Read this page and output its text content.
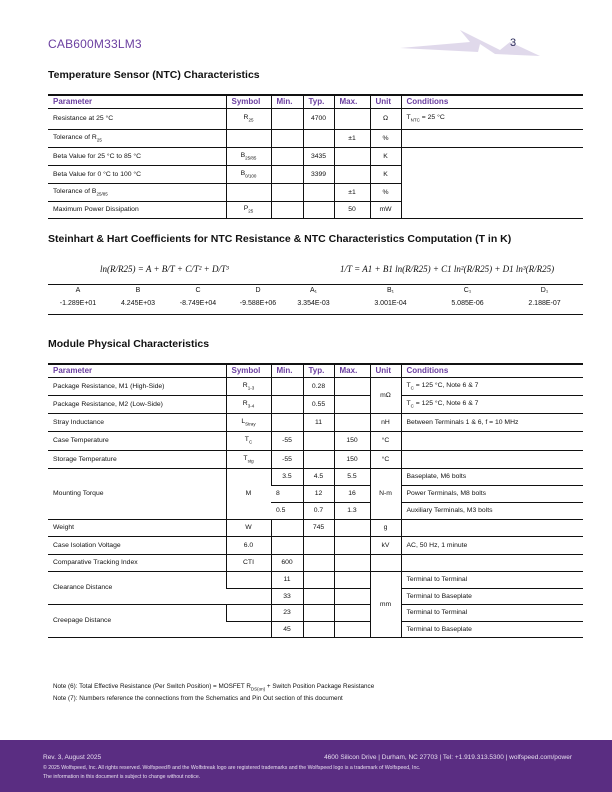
CAB600M33LM3	3
Temperature Sensor (NTC) Characteristics
Parameter	Symbol	Min.	Typ.	Max.	Unit	Conditions
Resistance at 25 °C	$R_{25}$		4700		Ω	$T_{NTC} = 25$ °C
Tolerance of $R_{25}$				±1	%	
Beta Value for 25 °C to 85 °C	$B_{25/85}$		3435		K	
Beta Value for 0 °C to 100 °C	$B_{0/100}$		3399		K	
Tolerance of $B_{25/85}$				±1	%	
Maximum Power Dissipation	$P_{25}$			50	mW	
Steinhart & Hart Coefficients for NTC Resistance & NTC Characteristics Computation (T in K)
ln(R/R25) = A + B/T + C/T² + D/T³	1/T = A1 + B1 ln(R/R25) + C1 ln²(R/R25) + D1 ln³(R/R25)
A	B	C	D
-1.289E+01	4.245E+03	-8.749E+04	-9.588E+06
A₁	B₁	C₁	D₁
3.354E-03	3.001E-04	5.085E-06	2.188E-07
Module Physical Characteristics
Parameter	Symbol	Min.	Typ.	Max.	Unit	Conditions
Package Resistance, M1 (High-Side)	$R_{1-3}$		0.28		mΩ	$T_C = 125$ °C, Note 6 & 7
Package Resistance, M2 (Low-Side)	$R_{3-4}$		0.55			$T_C = 125$ °C, Note 6 & 7
Stray Inductance	$L_{Stray}$		11		nH	Between Terminals 1 & 6, f = 10 MHz
Case Temperature	$T_C$	-55		150	°C	
Storage Temperature	$T_{stg}$	-55		150	°C	
Mounting Torque	M	3.5	4.5	5.5	N-m	Baseplate, M6 bolts
		8	12	16		Power Terminals, M8 bolts
		0.5	0.7	1.3		Auxiliary Terminals, M3 bolts
Weight	W		745		g	
Case Isolation Voltage	6.0				kV	AC, 50 Hz, 1 minute
Comparative Tracking Index	CTI	600				
Clearance Distance		11			mm	Terminal to Terminal
		33				Terminal to Baseplate
Creepage Distance		23				Terminal to Terminal
		45				Terminal to Baseplate
Note (6): Total Effective Resistance (Per Switch Position) = MOSFET $R_{DS(on)}$ + Switch Position Package Resistance
Note (7): Numbers reference the connections from the Schematics and Pin Out section of this document
Rev. 3, August 2025	4600 Silicon Drive | Durham, NC 27703 | Tel: +1.919.313.5300 | wolfspeed.com/power
© 2025 Wolfspeed, Inc. All rights reserved. Wolfspeed® and the Wolfstreak logo are registered trademarks and the Wolfspeed logo is a trademark of Wolfspeed, Inc.
The information in this document is subject to change without notice.
